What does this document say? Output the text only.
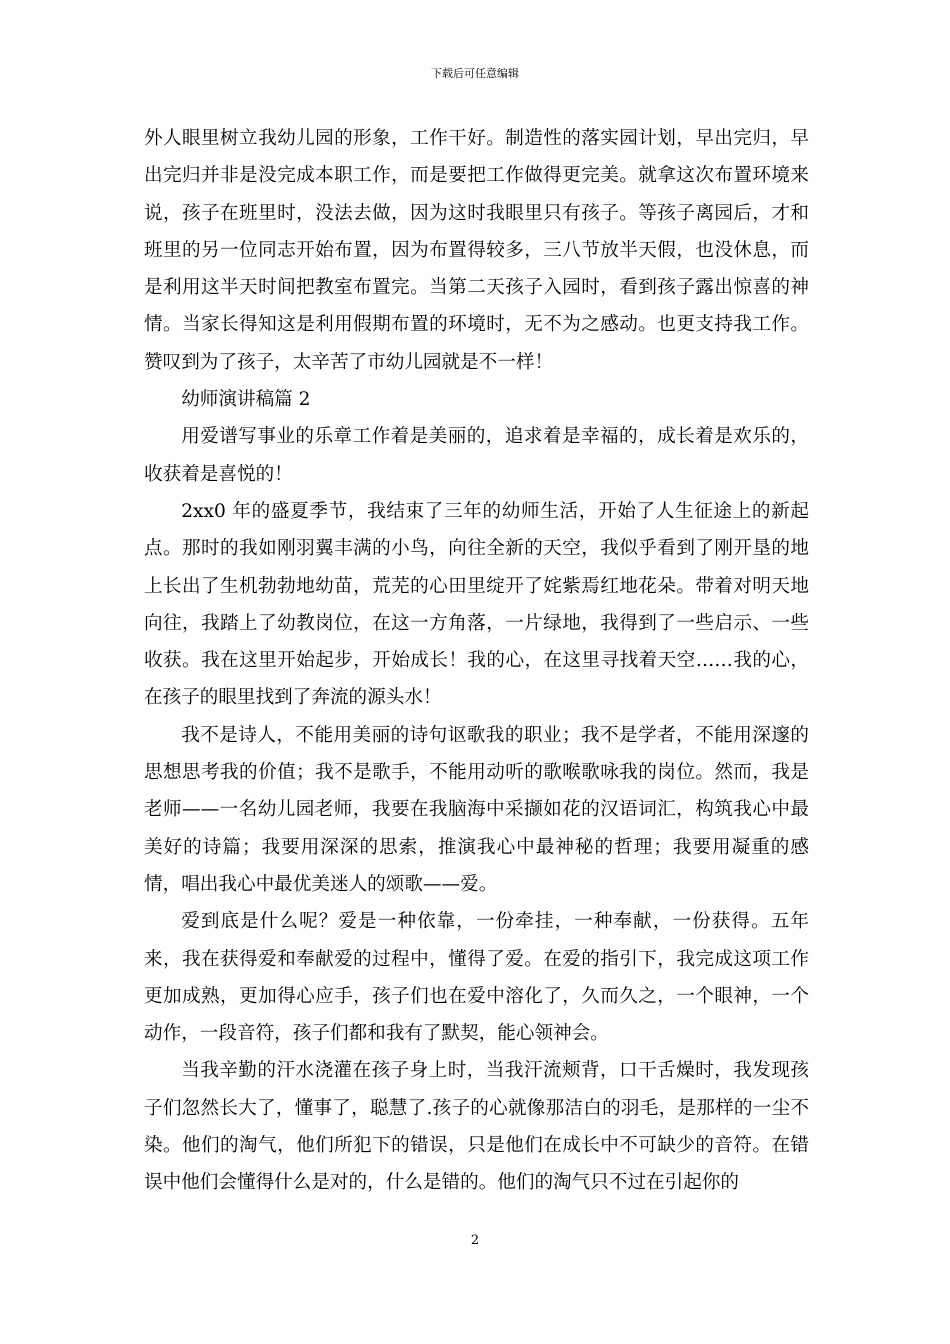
下载后可任意编辑

外人眼里树立我幼儿园的形象，工作干好。制造性的落实园计划，早出完归，早出完归并非是没完成本职工作，而是要把工作做得更完美。就拿这次布置环境来说，孩子在班里时，没法去做，因为这时我眼里只有孩子。等孩子离园后，才和班里的另一位同志开始布置，因为布置得较多，三八节放半天假，也没休息，而是利用这半天时间把教室布置完。当第二天孩子入园时，看到孩子露出惊喜的神情。当家长得知这是利用假期布置的环境时，无不为之感动。也更支持我工作。赞叹到为了孩子，太辛苦了市幼儿园就是不一样！

幼师演讲稿篇 2

用爱谱写事业的乐章工作着是美丽的，追求着是幸福的，成长着是欢乐的，收获着是喜悦的！

2xx0 年的盛夏季节，我结束了三年的幼师生活，开始了人生征途上的新起点。那时的我如刚羽翼丰满的小鸟，向往全新的天空，我似乎看到了刚开垦的地上长出了生机勃勃地幼苗，荒芜的心田里绽开了姹紫焉红地花朵。带着对明天地向往，我踏上了幼教岗位，在这一方角落，一片绿地，我得到了一些启示、一些收获。我在这里开始起步，开始成长！我的心，在这里寻找着天空……我的心，在孩子的眼里找到了奔流的源头水！

我不是诗人，不能用美丽的诗句讴歌我的职业；我不是学者，不能用深邃的思想思考我的价值；我不是歌手，不能用动听的歌喉歌咏我的岗位。然而，我是老师——一名幼儿园老师，我要在我脑海中采撷如花的汉语词汇，构筑我心中最美好的诗篇；我要用深深的思索，推演我心中最神秘的哲理；我要用凝重的感情，唱出我心中最优美迷人的颂歌——爱。

爱到底是什么呢？爱是一种依靠，一份牵挂，一种奉献，一份获得。五年来，我在获得爱和奉献爱的过程中，懂得了爱。在爱的指引下，我完成这项工作更加成熟，更加得心应手，孩子们也在爱中溶化了，久而久之，一个眼神，一个动作，一段音符，孩子们都和我有了默契，能心领神会。

当我辛勤的汗水浇灌在孩子身上时，当我汗流颊背，口干舌燥时，我发现孩子们忽然长大了，懂事了，聪慧了.孩子的心就像那洁白的羽毛，是那样的一尘不染。他们的淘气，他们所犯下的错误，只是他们在成长中不可缺少的音符。在错误中他们会懂得什么是对的，什么是错的。他们的淘气只不过在引起你的

2
